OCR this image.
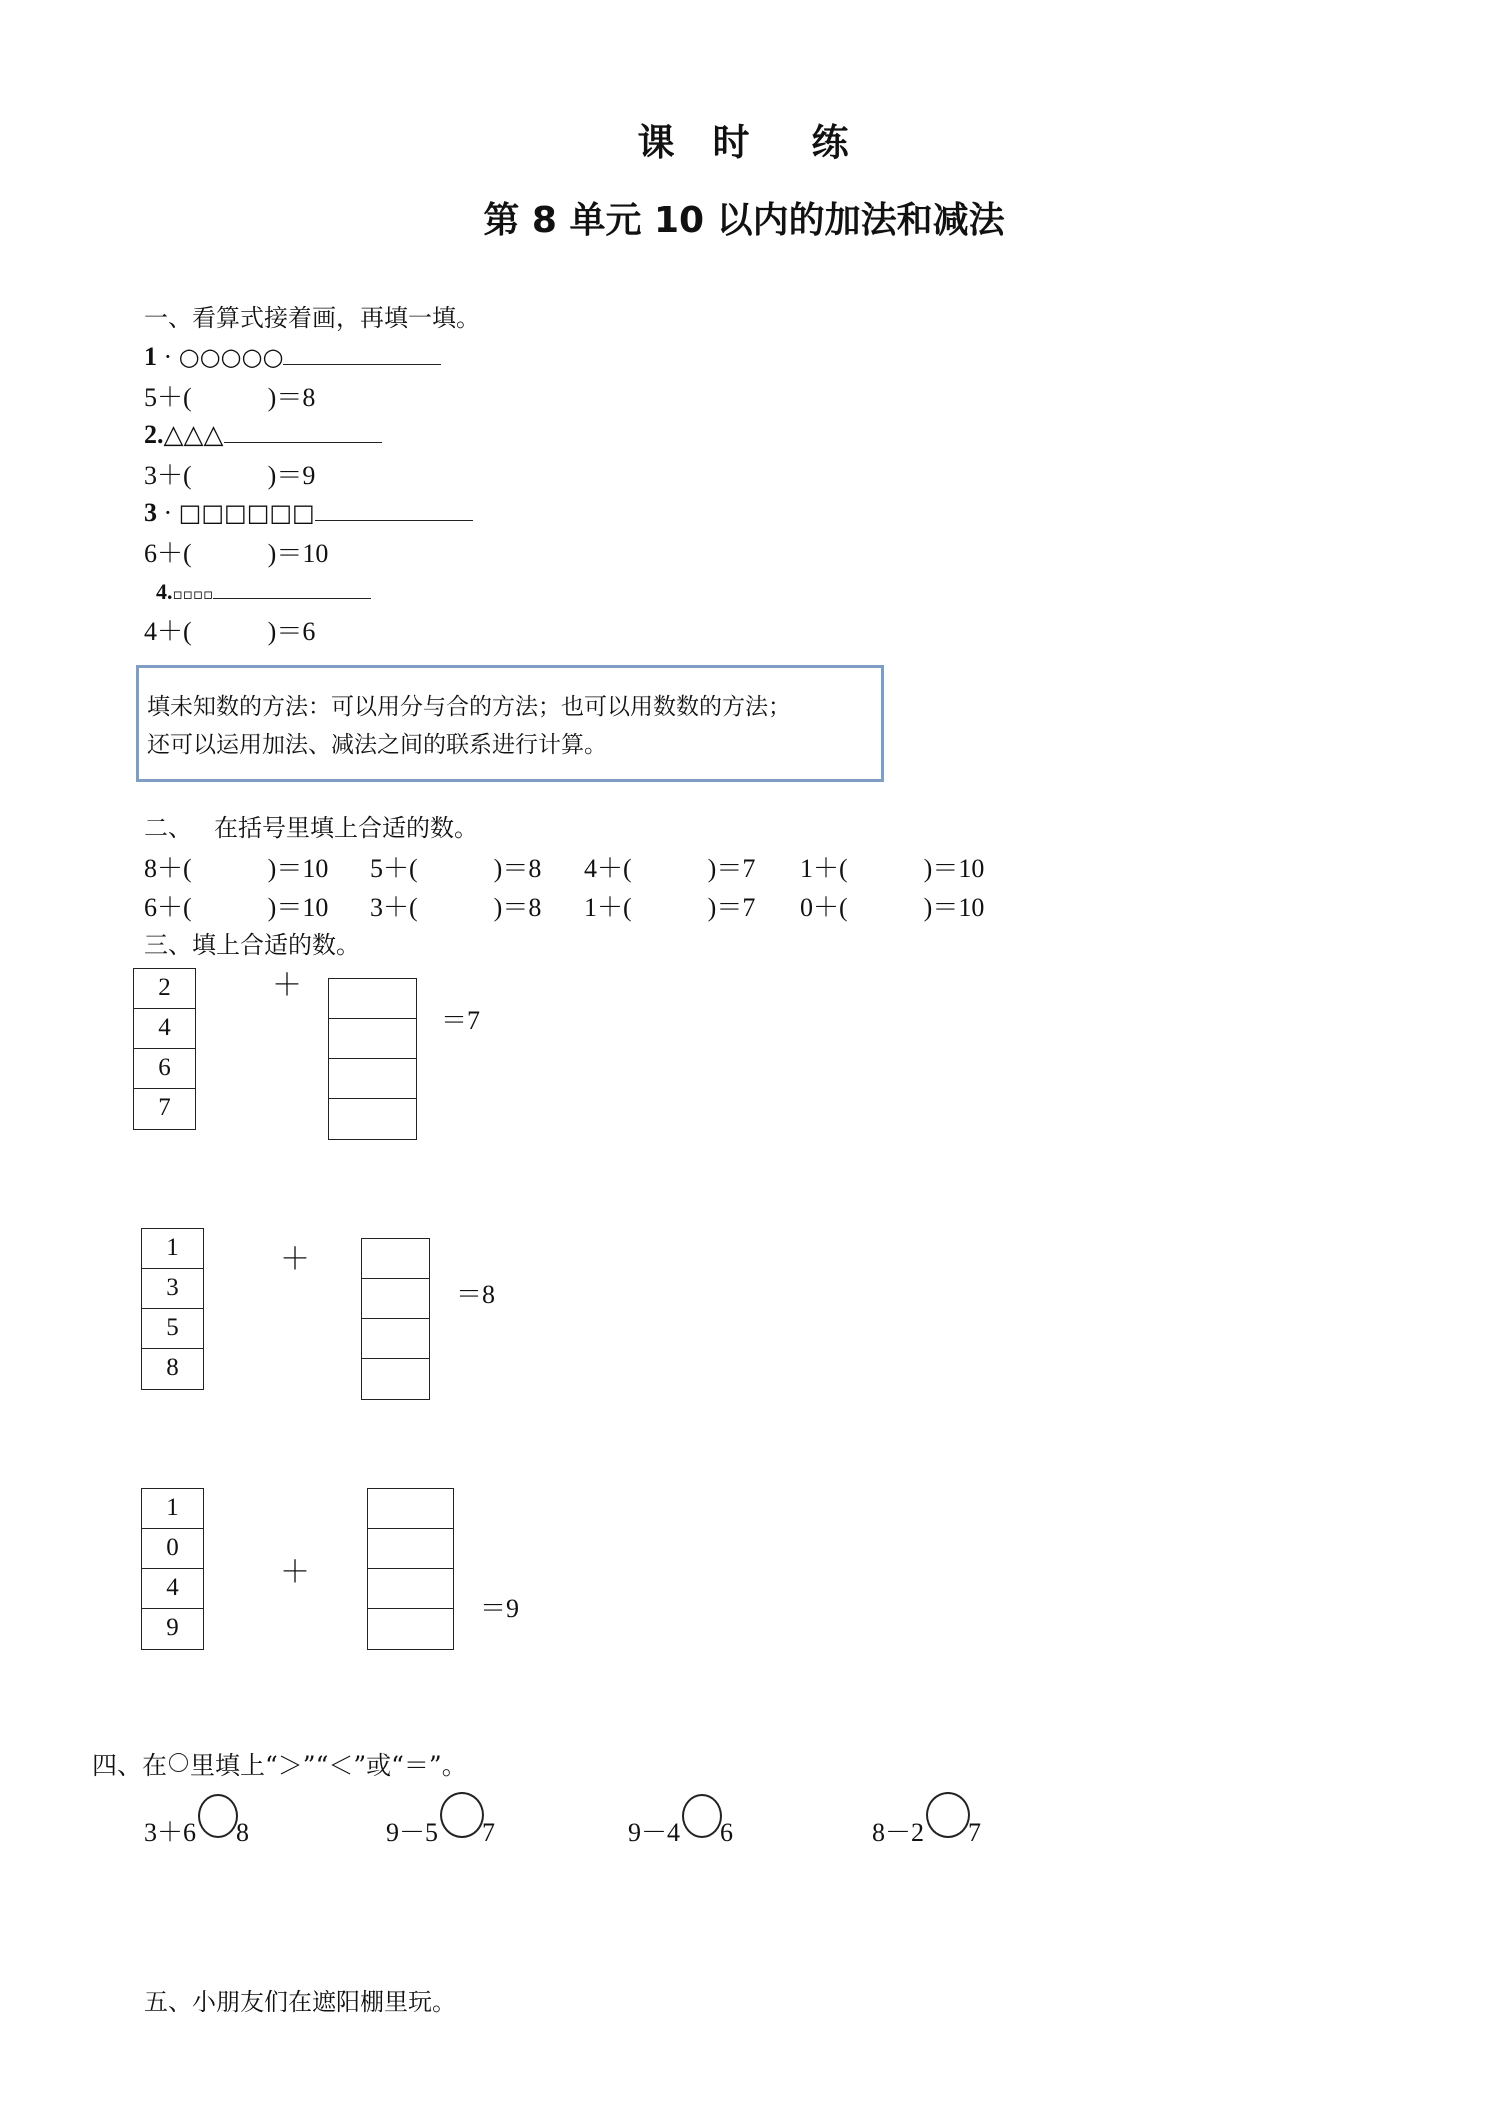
课 时 练
第 8 单元 10 以内的加法和减法
一、看算式接着画，再填一填。
1 · ○○○○○
5＋(	)＝8
2.△△△
3＋(	)＝9
3 · □□□□□□
6＋(	)＝10
4.▫▫▫▫
4＋(	)＝6
填未知数的方法：可以用分与合的方法；也可以用数数的方法；
还可以运用加法、减法之间的联系进行计算。
二、 在括号里填上合适的数。
8＋(	)＝10 5＋(	)＝8 4＋(	)＝7 1＋(	)＝10
6＋(	)＝10 3＋(	)＝8 1＋(	)＝7 0＋(	)＝10
三、填上合适的数。
2
4
6
7
＋
＝7
1
3
5
8
＋
＝8
1
0
4
9
＋
＝9
四、在 里填上“＞”“＜”或“＝”。
3＋6 8	9－5 7	9－4 6	8－2 7
五、小朋友们在遮阳棚里玩。
